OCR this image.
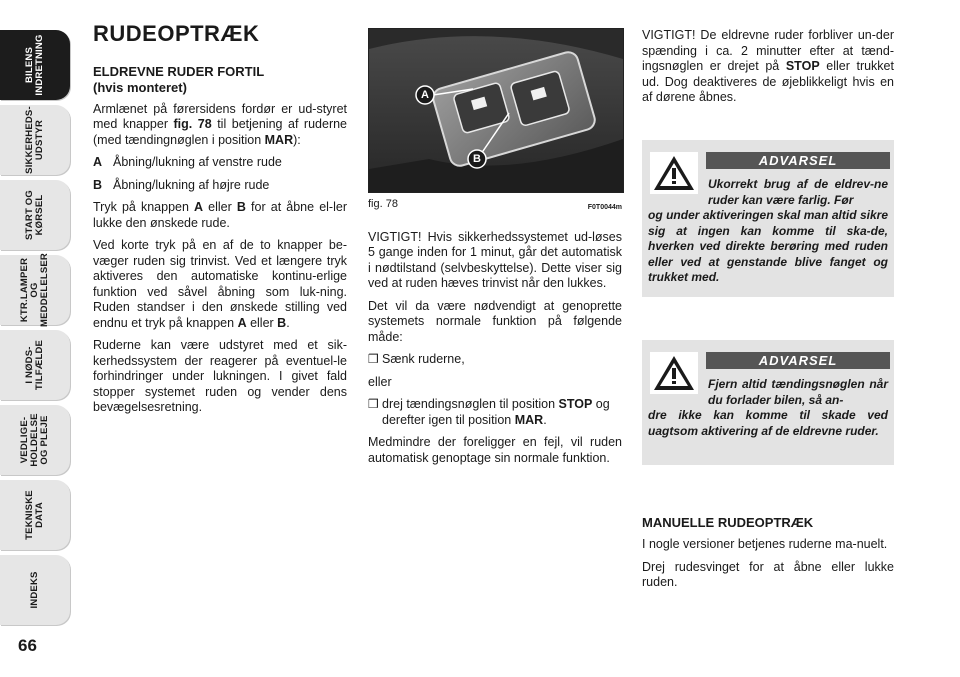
BILENS
INDRETNING
SIKKERHEDS-
UDSTYR
START OG
KØRSEL
KTR.LAMPER
OG
MEDDELELSER
I NØDS-
TILFÆLDE
VEDLIGE-
HOLDELSE
OG PLEJE
TEKNISKE
DATA
INDEKS
66
RUDEOPTRÆK
ELDREVNE RUDER FORTIL
(hvis monteret)

Armlænet på førersidens fordør er ud-styret med knapper fig. 78 til betjening af ruderne (med tændingnøglen i position MAR):

A Åbning/lukning af venstre rude
B Åbning/lukning af højre rude

Tryk på knappen A eller B for at åbne el-ler lukke den ønskede rude.

Ved korte tryk på en af de to knapper be-væger ruden sig trinvist. Ved et længere tryk aktiveres den automatiske kontinu-erlige funktion ved såvel åbning som luk-ning. Ruden standser i den ønskede stilling ved endnu et tryk på knappen A eller B.

Ruderne kan være udstyret med et sik-kerhedssystem der reagerer på eventuel-le forhindringer under lukningen. I givet fald stopper systemet ruden og vender dens bevægelsesretning.

A
B
fig. 78	F0T0044m

VIGTIGT! Hvis sikkerhedssystemet ud-løses 5 gange inden for 1 minut, går det automatisk i nødtilstand (selvbeskyttelse). Dette viser sig ved at ruden hæves trinvist når den lukkes.

Det vil da være nødvendigt at genoprette systemets normale funktion på følgende måde:

❒ Sænk ruderne,

eller

❒ drej tændingsnøglen til position STOP og derefter igen til position MAR.

Medmindre der foreligger en fejl, vil ruden automatisk genoptage sin normale funktion.

VIGTIGT! De eldrevne ruder forbliver un-der spænding i ca. 2 minutter efter at tænd-ingsnøglen er drejet på STOP eller trukket ud. Dog deaktiveres de øjeblikkeligt hvis en af dørene åbnes.

ADVARSEL
Ukorrekt brug af de eldrev-ne ruder kan være farlig. Før
og under aktiveringen skal man altid sikre sig at ingen kan komme til ska-de, hverken ved direkte berøring med ruden eller ved at genstande blive fanget og trukket med.
ADVARSEL
Fjern altid tændingsnøglen når du forlader bilen, så an-
dre ikke kan komme til skade ved uagtsom aktivering af de eldrevne ruder.
MANUELLE RUDEOPTRÆK

I nogle versioner betjenes ruderne ma-nuelt.

Drej rudesvinget for at åbne eller lukke ruden.
